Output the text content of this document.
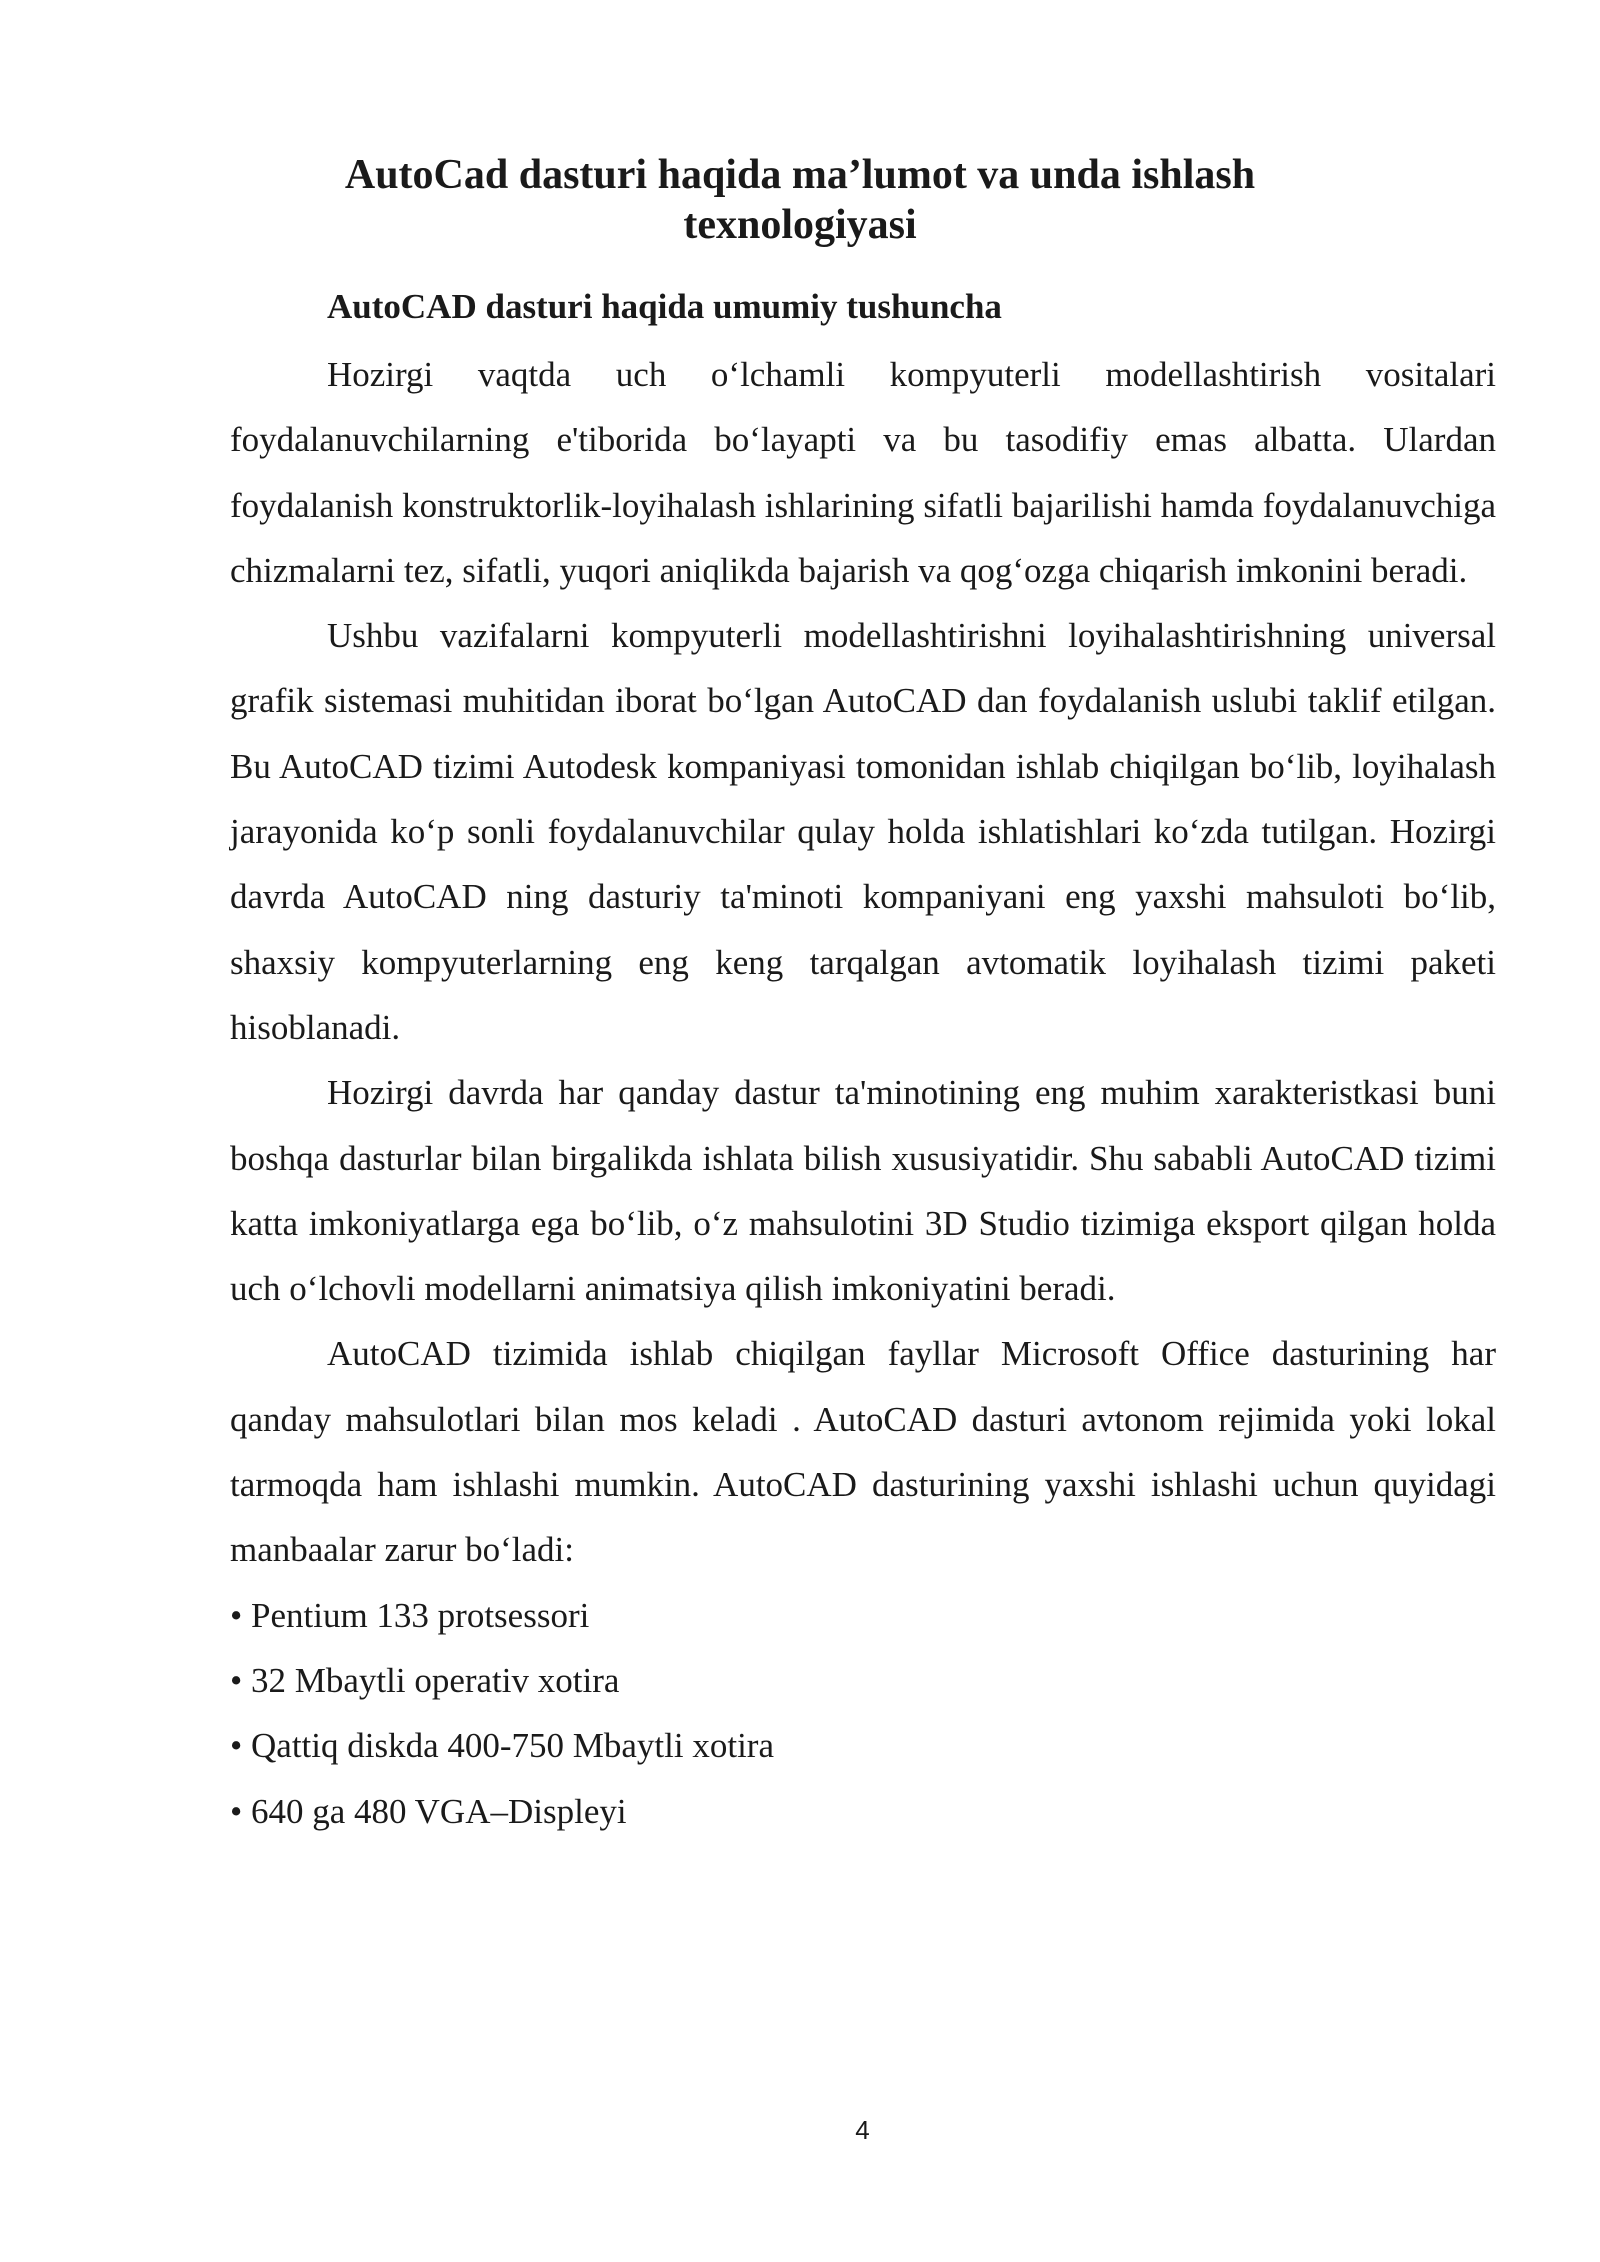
AutoCad dasturi haqida ma’lumot va unda ishlash
texnologiyasi
AutoCAD dasturi haqida umumiy tushuncha

Hozirgi vaqtda uch o‘lchamli kompyuterli modellashtirish vositalari foydalanuvchilarning e'tiborida bo‘layapti va bu tasodifiy emas albatta. Ulardan foydalanish konstruktorlik-loyihalash ishlarining sifatli bajarilishi hamda foydalanuvchiga chizmalarni tez, sifatli, yuqori aniqlikda bajarish va qog‘ozga chiqarish imkonini beradi.

Ushbu vazifalarni kompyuterli modellashtirishni loyihalashtirishning universal grafik sistemasi muhitidan iborat bo‘lgan AutoCAD dan foydalanish uslubi taklif etilgan. Bu AutoCAD tizimi Autodesk kompaniyasi tomonidan ishlab chiqilgan bo‘lib, loyihalash jarayonida ko‘p sonli foydalanuvchilar qulay holda ishlatishlari ko‘zda tutilgan. Hozirgi davrda AutoCAD ning dasturiy ta'minoti kompaniyani eng yaxshi mahsuloti bo‘lib, shaxsiy kompyuterlarning eng keng tarqalgan avtomatik loyihalash tizimi paketi hisoblanadi.

Hozirgi davrda har qanday dastur ta'minotining eng muhim xarakteristkasi buni boshqa dasturlar bilan birgalikda ishlata bilish xususiyatidir. Shu sababli AutoCAD tizimi katta imkoniyatlarga ega bo‘lib, o‘z mahsulotini 3D Studio tizimiga eksport qilgan holda uch o‘lchovli modellarni animatsiya qilish imkoniyatini beradi.

AutoCAD tizimida ishlab chiqilgan fayllar Microsoft Office dasturining har qanday mahsulotlari bilan mos keladi . AutoCAD dasturi avtonom rejimida yoki lokal tarmoqda ham ishlashi mumkin. AutoCAD dasturining yaxshi ishlashi uchun quyidagi manbaalar zarur bo‘ladi:

• Pentium 133 protsessori
• 32 Mbaytli operativ xotira
• Qattiq diskda 400-750 Mbaytli xotira
• 640 ga 480 VGA–Displeyi
4
